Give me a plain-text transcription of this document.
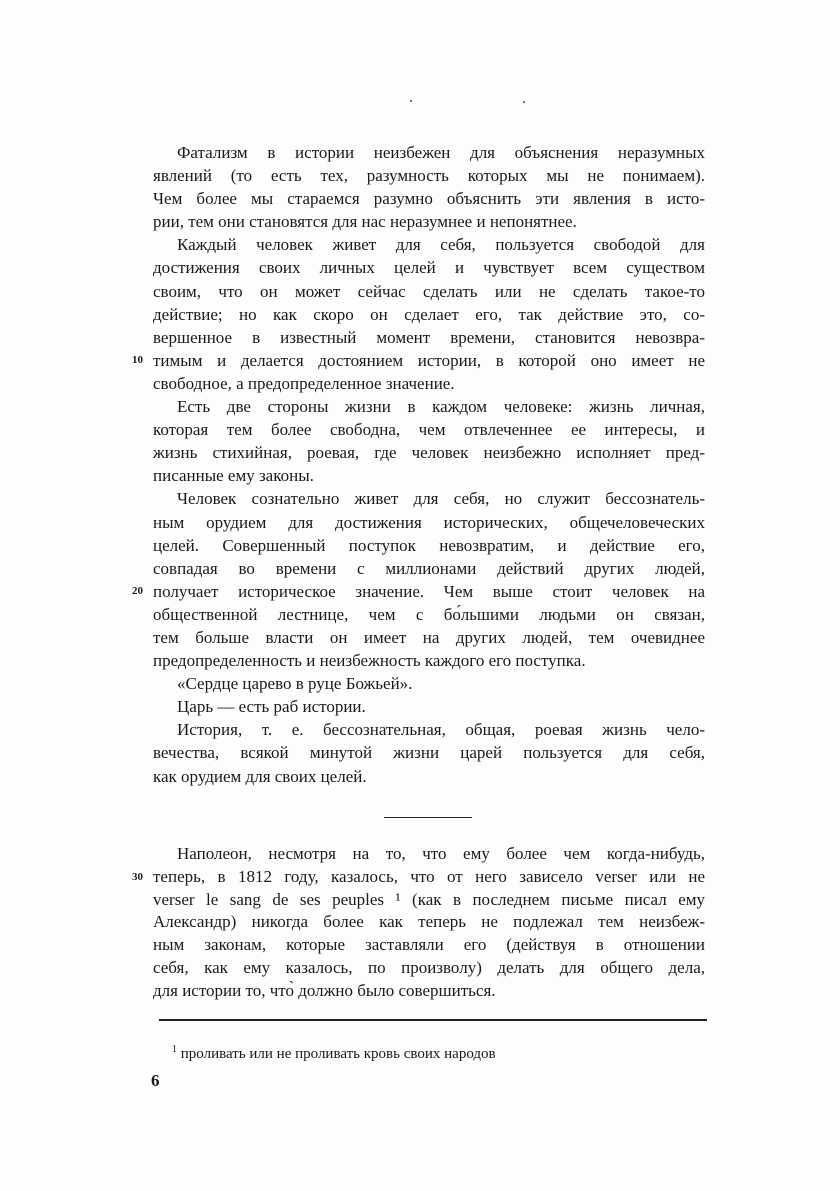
Фатализм в истории неизбежен для объяснения неразумных
явлений (то есть тех, разумность которых мы не понимаем).
Чем более мы стараемся разумно объяснить эти явления в исто-
рии, тем они становятся для нас неразумнее и непонятнее.
Каждый человек живет для себя, пользуется свободой для
достижения своих личных целей и чувствует всем существом
своим, что он может сейчас сделать или не сделать такое-то
действие; но как скоро он сделает его, так действие это, со-
вершенное в известный момент времени, становится невозвра-
10 тимым и делается достоянием истории, в которой оно имеет не
свободное, а предопределенное значение.
Есть две стороны жизни в каждом человеке: жизнь личная,
которая тем более свободна, чем отвлеченнее ее интересы, и
жизнь стихийная, роевая, где человек неизбежно исполняет пред-
писанные ему законы.
Человек сознательно живет для себя, но служит бессознатель-
ным орудием для достижения исторических, общечеловеческих
целей. Совершенный поступок невозвратим, и действие его,
совпадая во времени с миллионами действий других людей,
20 получает историческое значение. Чем выше стоит человек на
общественной лестнице, чем с бо́льшими людьми он связан,
тем больше власти он имеет на других людей, тем очевиднее
предопределенность и неизбежность каждого его поступка.
«Сердце царево в руце Божьей».
Царь — есть раб истории.
История, т. е. бессознательная, общая, роевая жизнь чело-
вечества, всякой минутой жизни царей пользуется для себя,
как орудием для своих целей.
Наполеон, несмотря на то, что ему более чем когда-нибудь,
30 теперь, в 1812 году, казалось, что от него зависело verser или не
verser le sang de ses peuples ¹ (как в последнем письме писал ему
Александр) никогда более как теперь не подлежал тем неизбеж-
ным законам, которые заставляли его (действуя в отношении
себя, как ему казалось, по произволу) делать для общего дела,
для истории то, что̀ должно было совершиться.
$^1$ проливать или не проливать кровь своих народов
6
